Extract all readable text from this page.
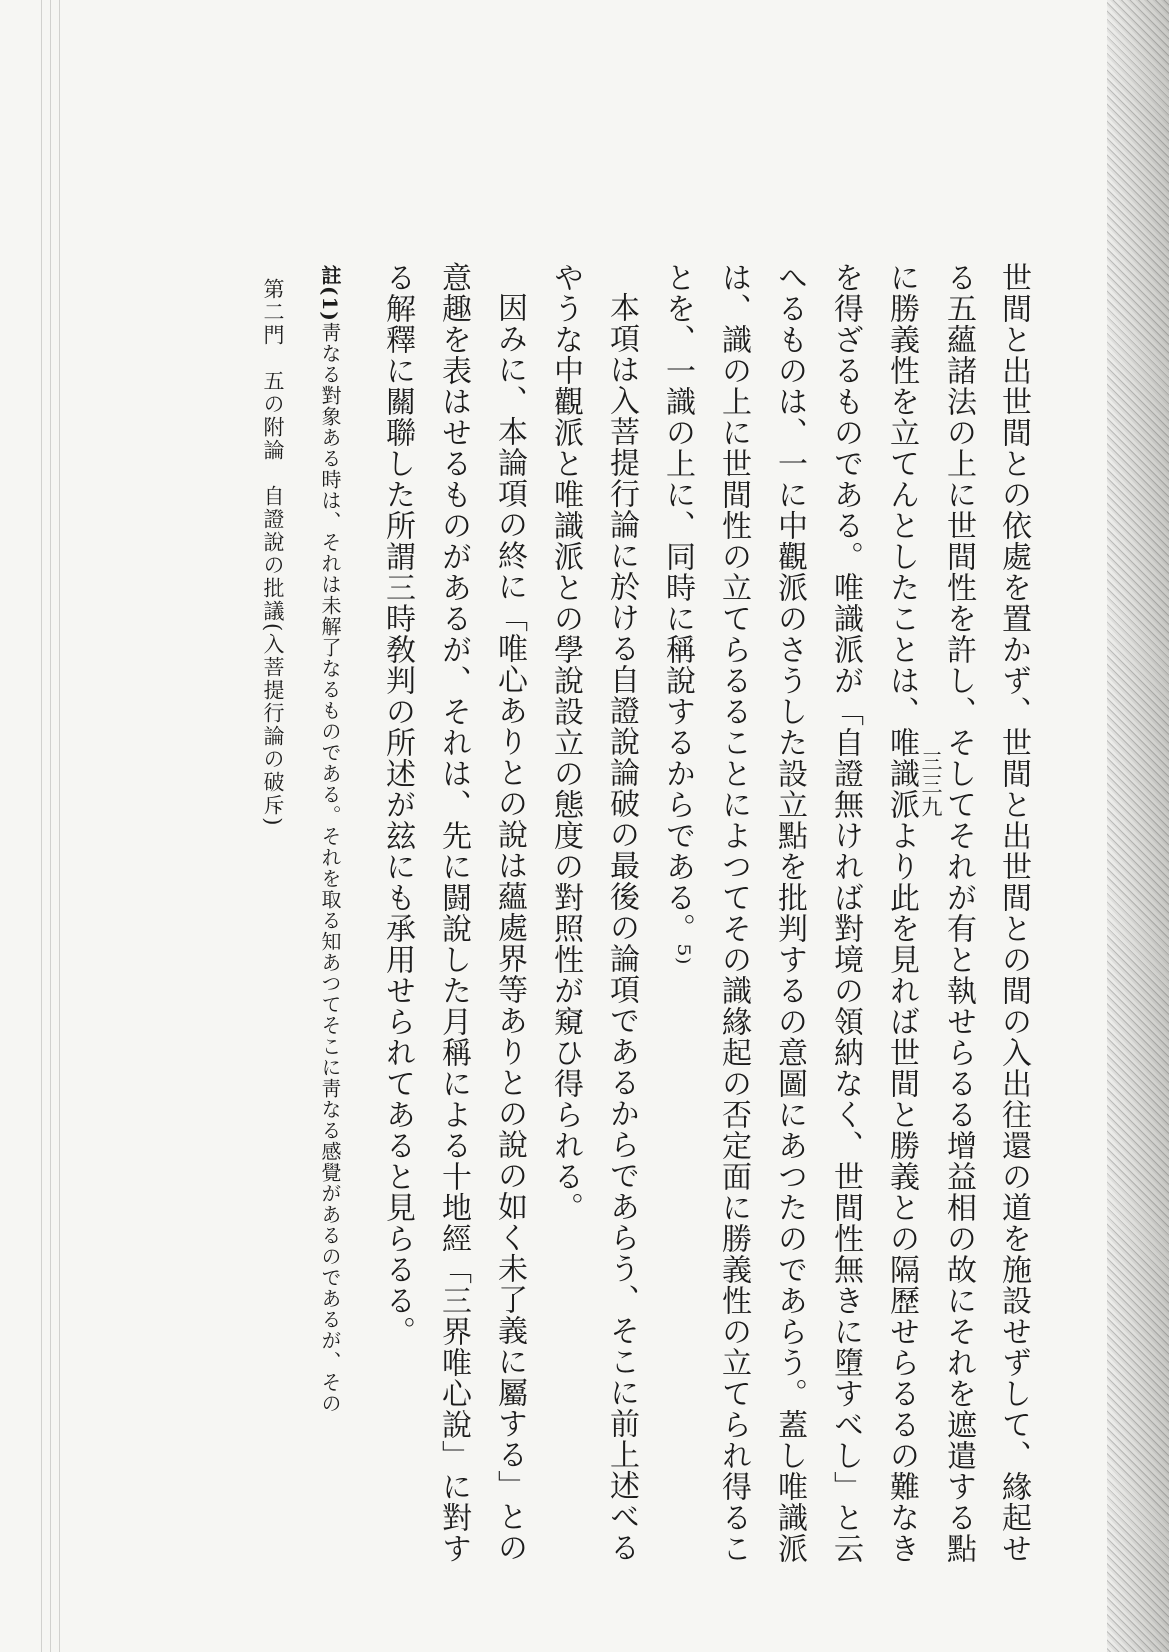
世間と出世間との依處を置かず、世間と出世間との間の入出往還の道を施設せずして、緣起せ
る五蘊諸法の上に世間性を許し、そしてそれが有と執せらるる增益相の故にそれを遮遣する點
に勝義性を立てんとしたことは、唯識派より此を見れば世間と勝義との隔歷せらるるの難なき
を得ざるものである。唯識派が「自證無ければ對境の領納なく、世間性無きに墮すべし」と云
へるものは、一に中觀派のさうした設立點を批判するの意圖にあつたのであらう。蓋し唯識派
は、識の上に世間性の立てらるることによつてその識緣起の否定面に勝義性の立てられ得るこ
とを、一識の上に、同時に稱說するからである。⁵⁾
本項は入菩提行論に於ける自證說論破の最後の論項であるからであらう、そこに前上述べる
やうな中觀派と唯識派との學說設立の態度の對照性が窺ひ得られる。
因みに、本論項の終に「唯心ありとの說は蘊處界等ありとの說の如く未了義に屬する」との
意趣を表はせるものがあるが、それは、先に闘說した月稱による十地經「三界唯心說」に對す
る解釋に關聯した所謂三時敎判の所述が玆にも承用せられてあると見らるる。
註(1)靑なる對象ある時は、それは未解了なるものである。それを取る知あつてそこに靑なる感覺があるのであるが、その
第二門　五の附論　自證說の批議(入菩提行論の破斥)	三三九
